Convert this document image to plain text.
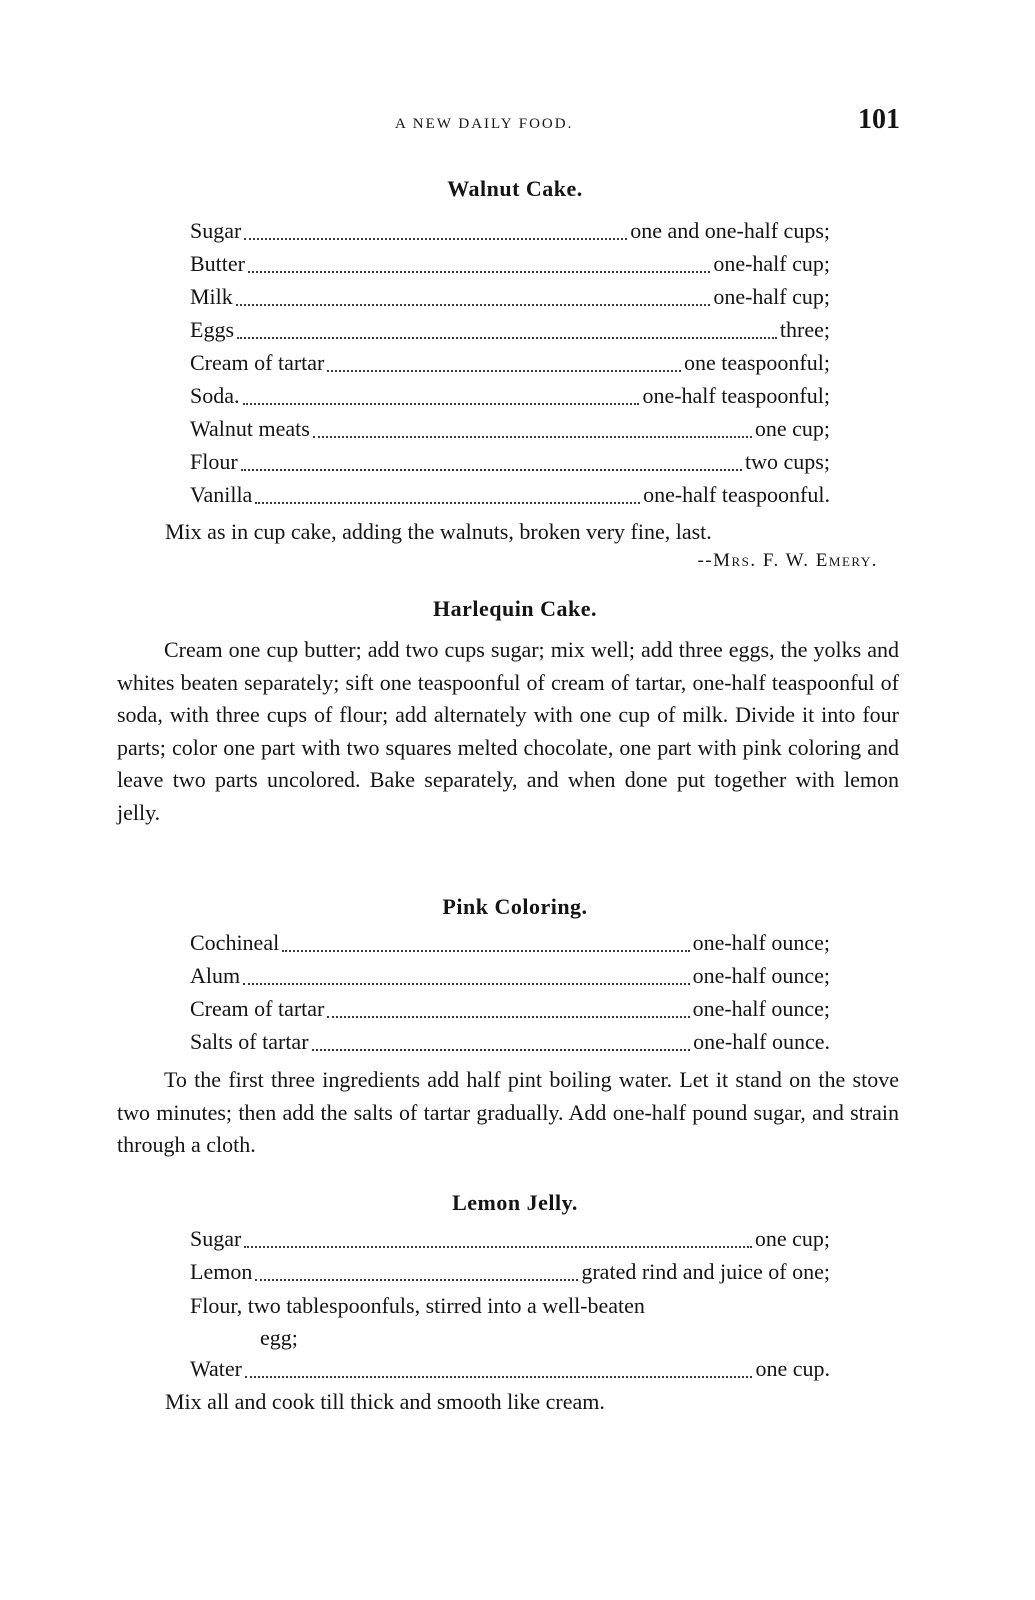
A NEW DAILY FOOD.	101
Walnut Cake.
Sugar	one and one-half cups;
Butter	one-half cup;
Milk	one-half cup;
Eggs	three;
Cream of tartar	one teaspoonful;
Soda.	one-half teaspoonful;
Walnut meats	one cup;
Flour	two cups;
Vanilla	one-half teaspoonful.

Mix as in cup cake, adding the walnuts, broken very fine, last.

--Mrs. F. W. Emery.
Harlequin Cake.

Cream one cup butter; add two cups sugar; mix well; add three eggs, the yolks and whites beaten separately; sift one teaspoonful of cream of tartar, one-half teaspoonful of soda, with three cups of flour; add alternately with one cup of milk. Divide it into four parts; color one part with two squares melted chocolate, one part with pink coloring and leave two parts uncolored. Bake separately, and when done put together with lemon jelly.

Pink Coloring.
Cochineal	one-half ounce;
Alum	one-half ounce;
Cream of tartar	one-half ounce;
Salts of tartar	one-half ounce.

To the first three ingredients add half pint boiling water. Let it stand on the stove two minutes; then add the salts of tartar gradually. Add one-half pound sugar, and strain through a cloth.

Lemon Jelly.
Sugar	one cup;
Lemon	grated rind and juice of one;
Flour, two tablespoonfuls, stirred into a well-beaten
egg;
Water	one cup.

Mix all and cook till thick and smooth like cream.
